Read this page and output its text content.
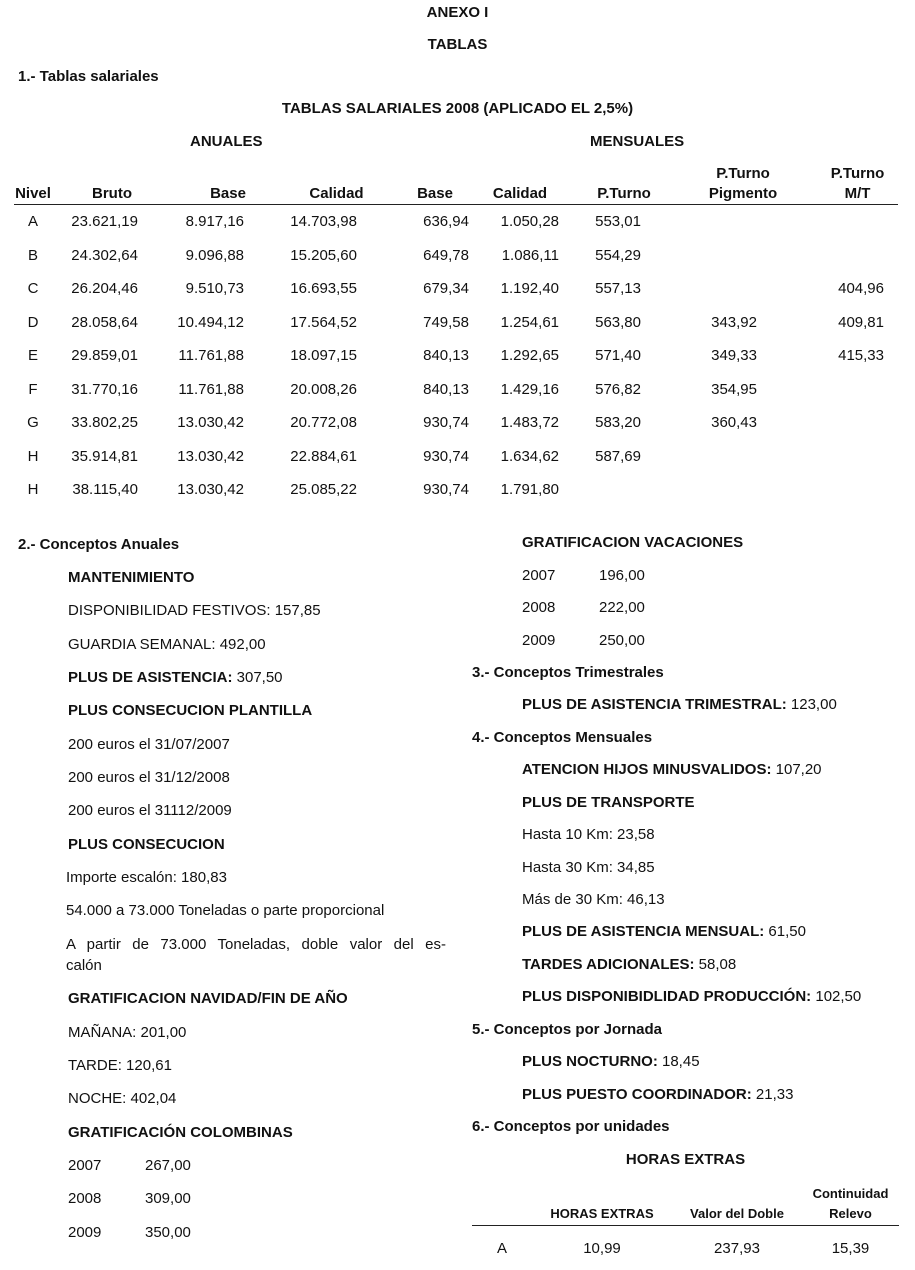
ANEXO I
TABLAS
1.- Tablas salariales
TABLAS SALARIALES 2008 (APLICADO EL 2,5%)
ANUALES	MENSUALES
Nivel	Bruto	Base	Calidad	Base	Calidad	P.Turno	P.Turno Pigmento	P.Turno M/T
A	23.621,19	8.917,16	14.703,98	636,94	1.050,28	553,01		
B	24.302,64	9.096,88	15.205,60	649,78	1.086,11	554,29		
C	26.204,46	9.510,73	16.693,55	679,34	1.192,40	557,13		404,96
D	28.058,64	10.494,12	17.564,52	749,58	1.254,61	563,80	343,92	409,81
E	29.859,01	11.761,88	18.097,15	840,13	1.292,65	571,40	349,33	415,33
F	31.770,16	11.761,88	20.008,26	840,13	1.429,16	576,82	354,95	
G	33.802,25	13.030,42	20.772,08	930,74	1.483,72	583,20	360,43	
H	35.914,81	13.030,42	22.884,61	930,74	1.634,62	587,69		
H	38.115,40	13.030,42	25.085,22	930,74	1.791,80			
2.- Conceptos Anuales
MANTENIMIENTO
DISPONIBILIDAD FESTIVOS: 157,85
GUARDIA SEMANAL: 492,00
PLUS DE ASISTENCIA: 307,50
PLUS CONSECUCION PLANTILLA
200 euros el 31/07/2007
200 euros el 31/12/2008
200 euros el 31112/2009
PLUS CONSECUCION
Importe escalón: 180,83
54.000 a 73.000 Toneladas o parte proporcional
A partir de 73.000 Toneladas, doble valor del es-
calón
GRATIFICACION NAVIDAD/FIN DE AÑO
MAÑANA: 201,00
TARDE: 120,61
NOCHE: 402,04
GRATIFICACIÓN COLOMBINAS
2007	267,00
2008	309,00
2009	350,00
GRATIFICACION VACACIONES
2007	196,00
2008	222,00
2009	250,00
3.- Conceptos Trimestrales
PLUS DE ASISTENCIA TRIMESTRAL: 123,00
4.- Conceptos Mensuales
ATENCION HIJOS MINUSVALIDOS: 107,20
PLUS DE TRANSPORTE
Hasta 10 Km: 23,58
Hasta 30 Km: 34,85
Más de 30 Km: 46,13
PLUS DE ASISTENCIA MENSUAL: 61,50
TARDES ADICIONALES: 58,08
PLUS DISPONIBIDLIDAD PRODUCCIÓN: 102,50
5.- Conceptos por Jornada
PLUS NOCTURNO: 18,45
PLUS PUESTO COORDINADOR: 21,33
6.- Conceptos por unidades
HORAS EXTRAS
	HORAS EXTRAS	Valor del Doble	Continuidad
Relevo

A	10,99	237,93	15,39
